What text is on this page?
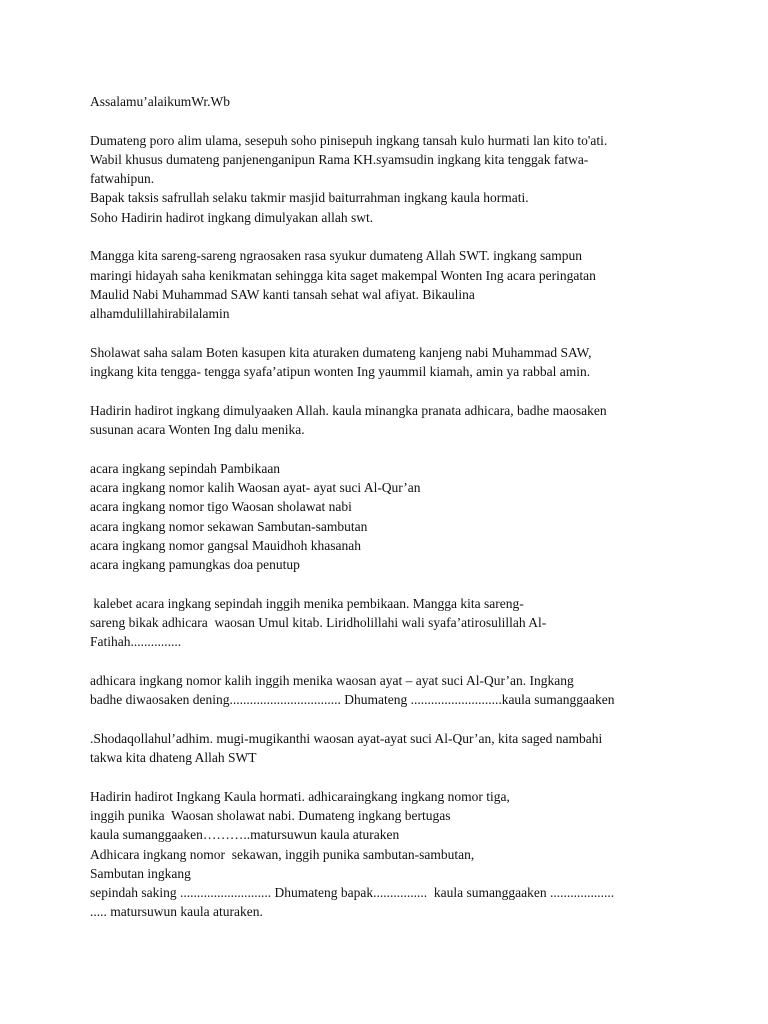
Assalamu’alaikumWr.Wb
Dumateng poro alim ulama, sesepuh soho pinisepuh ingkang tansah kulo hurmati lan kito to'ati.
Wabil khusus dumateng panjenenganipun Rama KH.syamsudin ingkang kita tenggak fatwa-
fatwahipun.
Bapak taksis safrullah selaku takmir masjid baiturrahman ingkang kaula hormati.
Soho Hadirin hadirot ingkang dimulyakan allah swt.
Mangga kita sareng-sareng ngraosaken rasa syukur dumateng Allah SWT. ingkang sampun
maringi hidayah saha kenikmatan sehingga kita saget makempal Wonten Ing acara peringatan
Maulid Nabi Muhammad SAW kanti tansah sehat wal afiyat. Bikaulina
alhamdulillahirabilalamin
Sholawat saha salam Boten kasupen kita aturaken dumateng kanjeng nabi Muhammad SAW,
ingkang kita tengga- tengga syafa’atipun wonten Ing yaummil kiamah, amin ya rabbal amin.
Hadirin hadirot ingkang dimulyaaken Allah. kaula minangka pranata adhicara, badhe maosaken
susunan acara Wonten Ing dalu menika.
acara ingkang sepindah Pambikaan
acara ingkang nomor kalih Waosan ayat- ayat suci Al-Qur’an
acara ingkang nomor tigo Waosan sholawat nabi
acara ingkang nomor sekawan Sambutan-sambutan
acara ingkang nomor gangsal Mauidhoh khasanah
acara ingkang pamungkas doa penutup
kalebet acara ingkang sepindah inggih menika pembikaan. Mangga kita sareng-
sareng bikak adhicara  waosan Umul kitab. Liridholillahi wali syafa’atirosulillah Al-
Fatihah...............
adhicara ingkang nomor kalih inggih menika waosan ayat – ayat suci Al-Qur’an. Ingkang
badhe diwaosaken dening................................. Dhumateng ...........................kaula sumanggaaken
.Shodaqollahul’adhim. mugi-mugikanthi waosan ayat-ayat suci Al-Qur’an, kita saged nambahi
takwa kita dhateng Allah SWT
Hadirin hadirot Ingkang Kaula hormati. adhicaraingkang ingkang nomor tiga,
inggih punika  Waosan sholawat nabi. Dumateng ingkang bertugas
kaula sumanggaaken………..matursuwun kaula aturaken
Adhicara ingkang nomor  sekawan, inggih punika sambutan-sambutan,
Sambutan ingkang
sepindah saking ........................... Dhumateng bapak................  kaula sumanggaaken ...................
..... matursuwun kaula aturaken.
